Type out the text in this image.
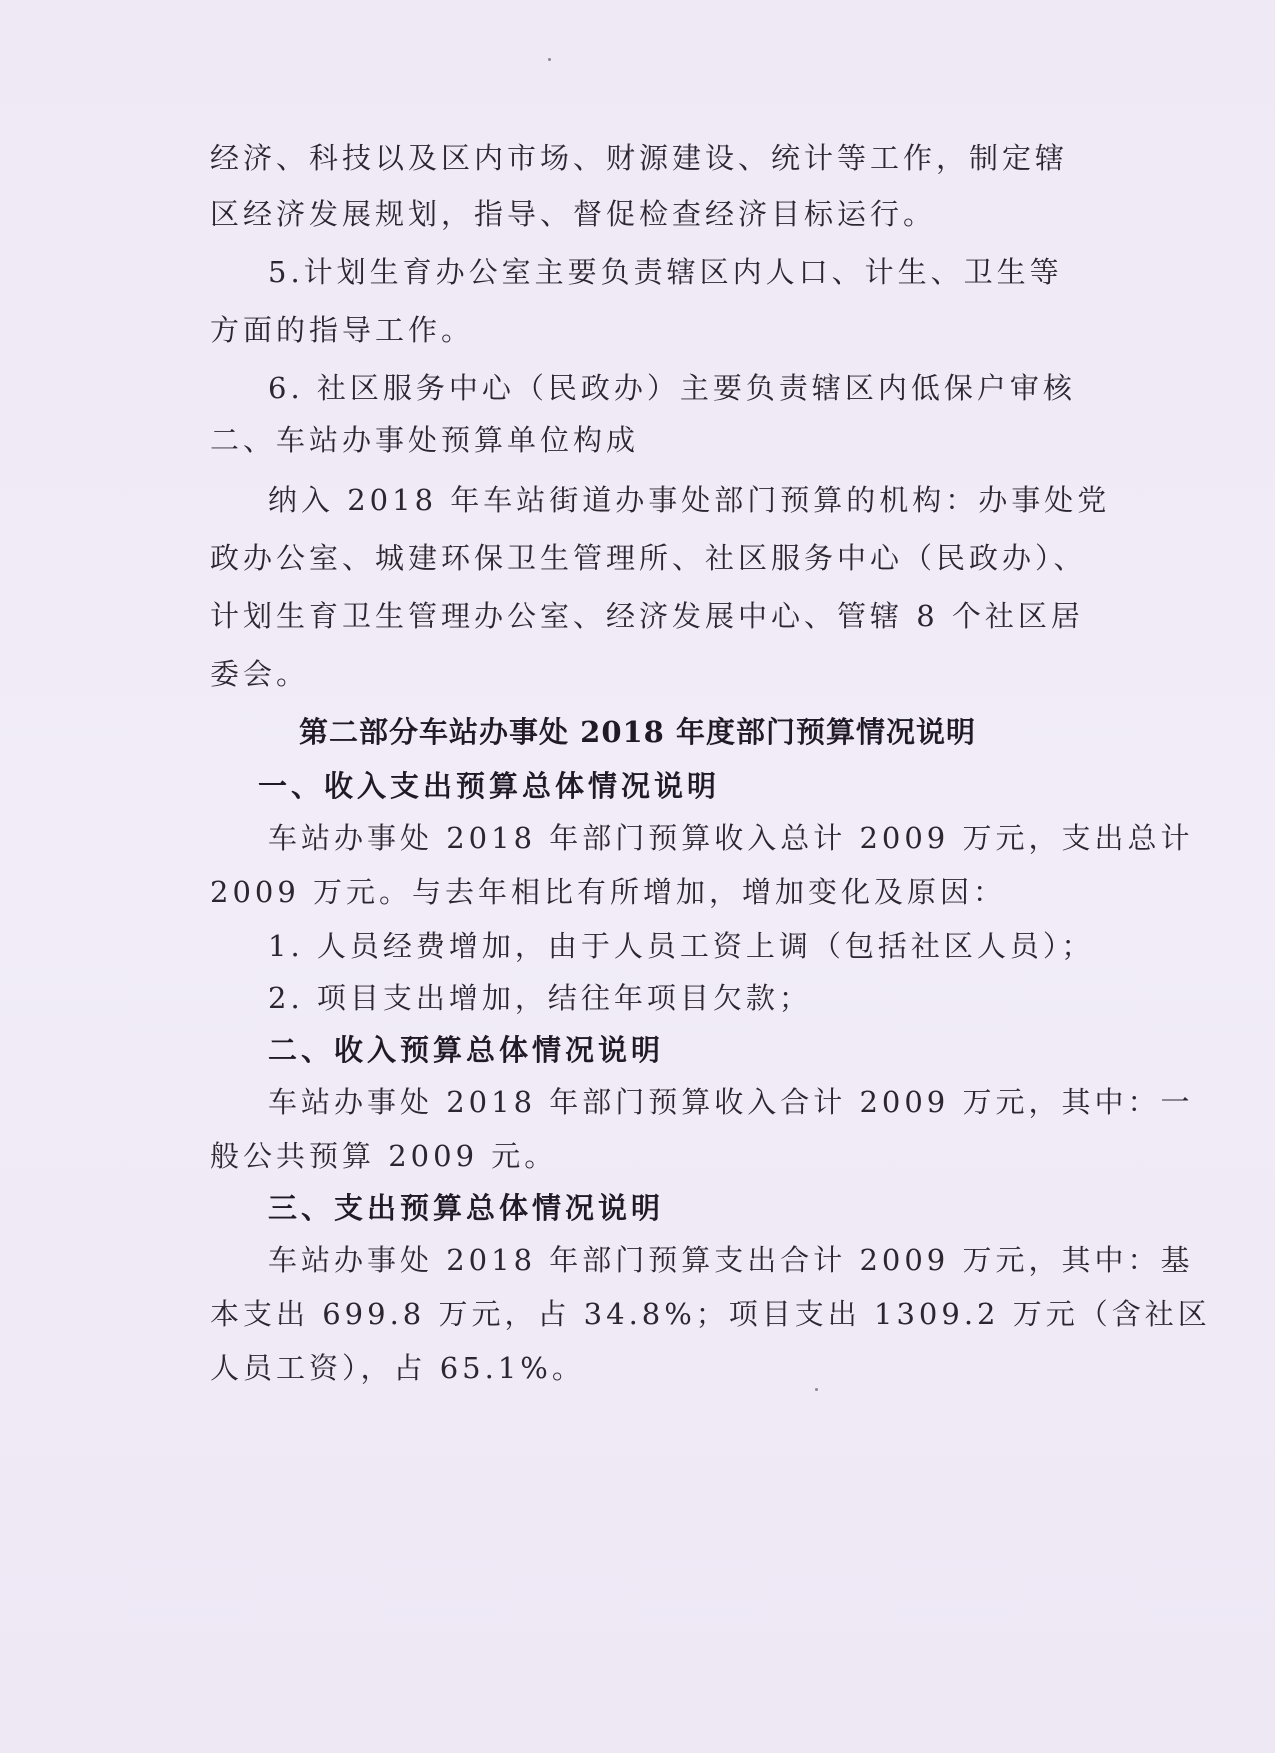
经济、科技以及区内市场、财源建设、统计等工作，制定辖
区经济发展规划，指导、督促检查经济目标运行。
5.计划生育办公室主要负责辖区内人口、计生、卫生等
方面的指导工作。
6. 社区服务中心（民政办）主要负责辖区内低保户审核
二、车站办事处预算单位构成
纳入 2018 年车站街道办事处部门预算的机构：办事处党
政办公室、城建环保卫生管理所、社区服务中心（民政办）、
计划生育卫生管理办公室、经济发展中心、管辖 8 个社区居
委会。
第二部分车站办事处 2018 年度部门预算情况说明
一、收入支出预算总体情况说明
车站办事处 2018 年部门预算收入总计 2009 万元，支出总计
2009 万元。与去年相比有所增加，增加变化及原因：
1. 人员经费增加，由于人员工资上调（包括社区人员）；
2. 项目支出增加，结往年项目欠款；
二、收入预算总体情况说明
车站办事处 2018 年部门预算收入合计 2009 万元，其中：一
般公共预算 2009 元。
三、支出预算总体情况说明
车站办事处 2018 年部门预算支出合计 2009 万元，其中：基
本支出 699.8 万元，占 34.8%；项目支出 1309.2 万元（含社区
人员工资），占 65.1%。
